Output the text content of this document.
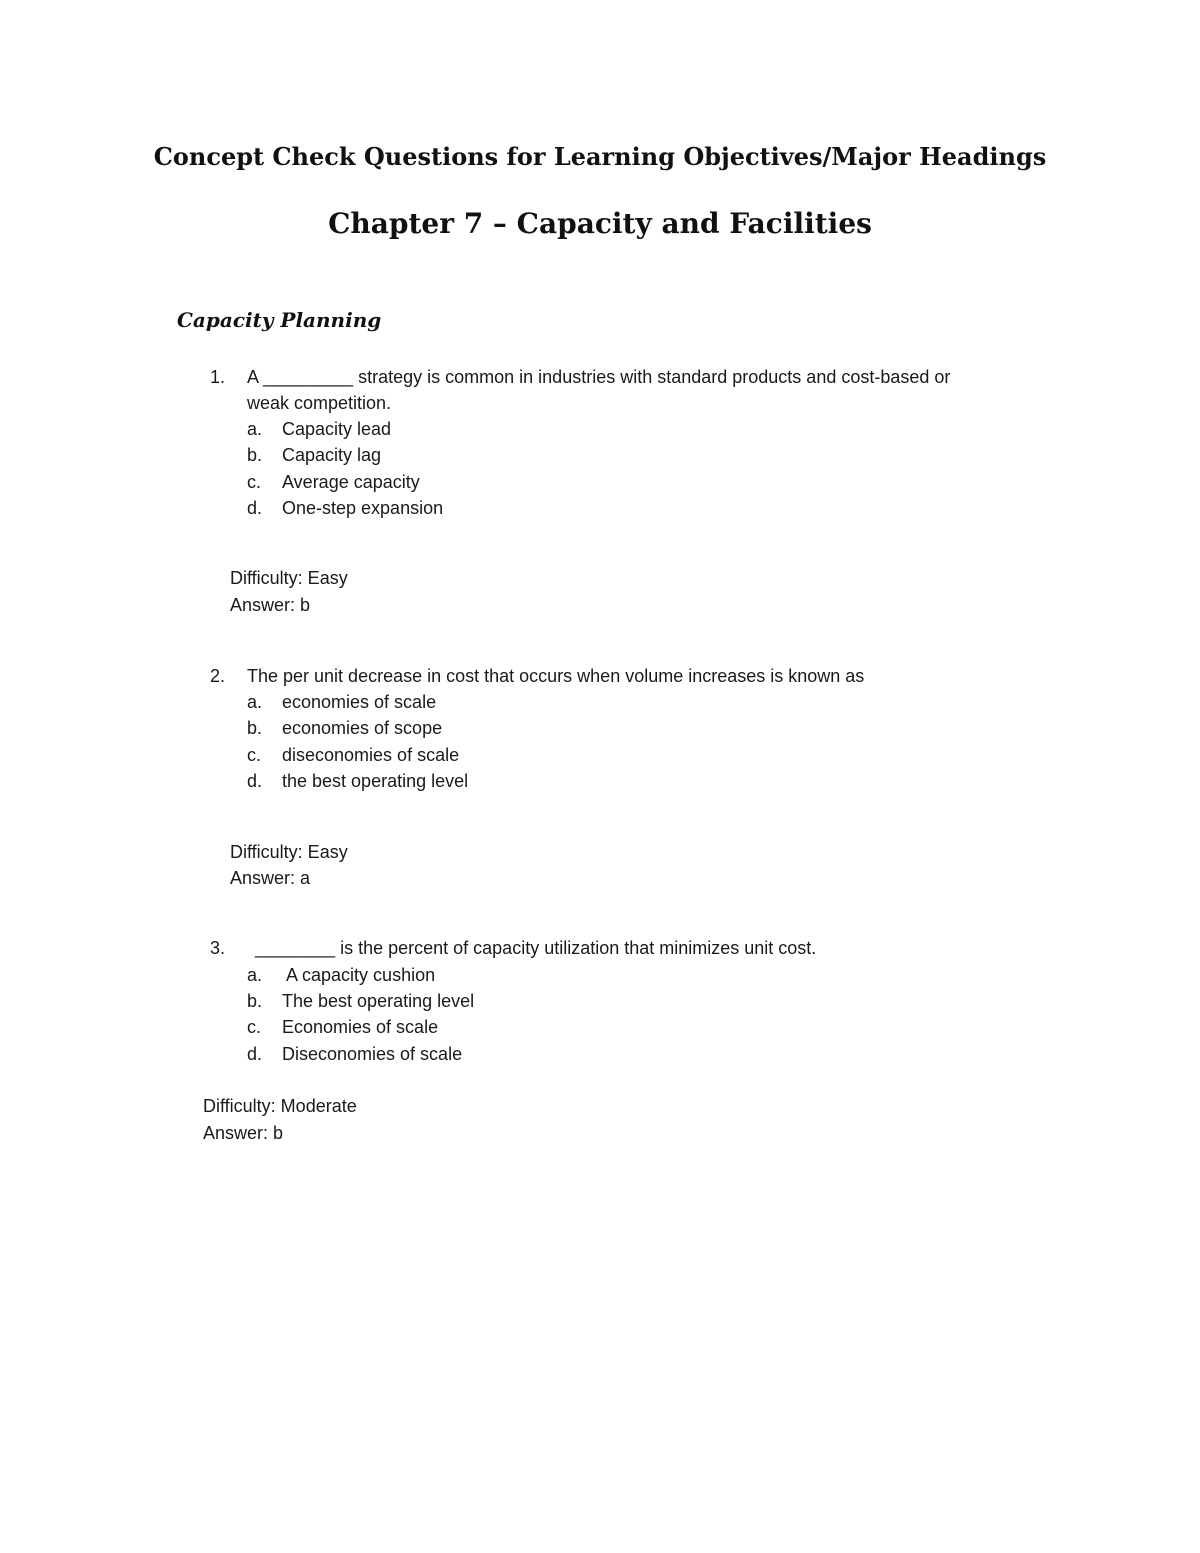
Concept Check Questions for Learning Objectives/Major Headings
Chapter 7 – Capacity and Facilities
Capacity Planning
1. A _________ strategy is common in industries with standard products and cost-based or
weak competition.
a. Capacity lead
b. Capacity lag
c. Average capacity
d. One-step expansion
Difficulty: Easy
Answer: b
2. The per unit decrease in cost that occurs when volume increases is known as
a. economies of scale
b. economies of scope
c. diseconomies of scale
d. the best operating level
Difficulty: Easy
Answer: a
3. ________ is the percent of capacity utilization that minimizes unit cost.
a. A capacity cushion
b. The best operating level
c. Economies of scale
d. Diseconomies of scale
Difficulty: Moderate
Answer: b
